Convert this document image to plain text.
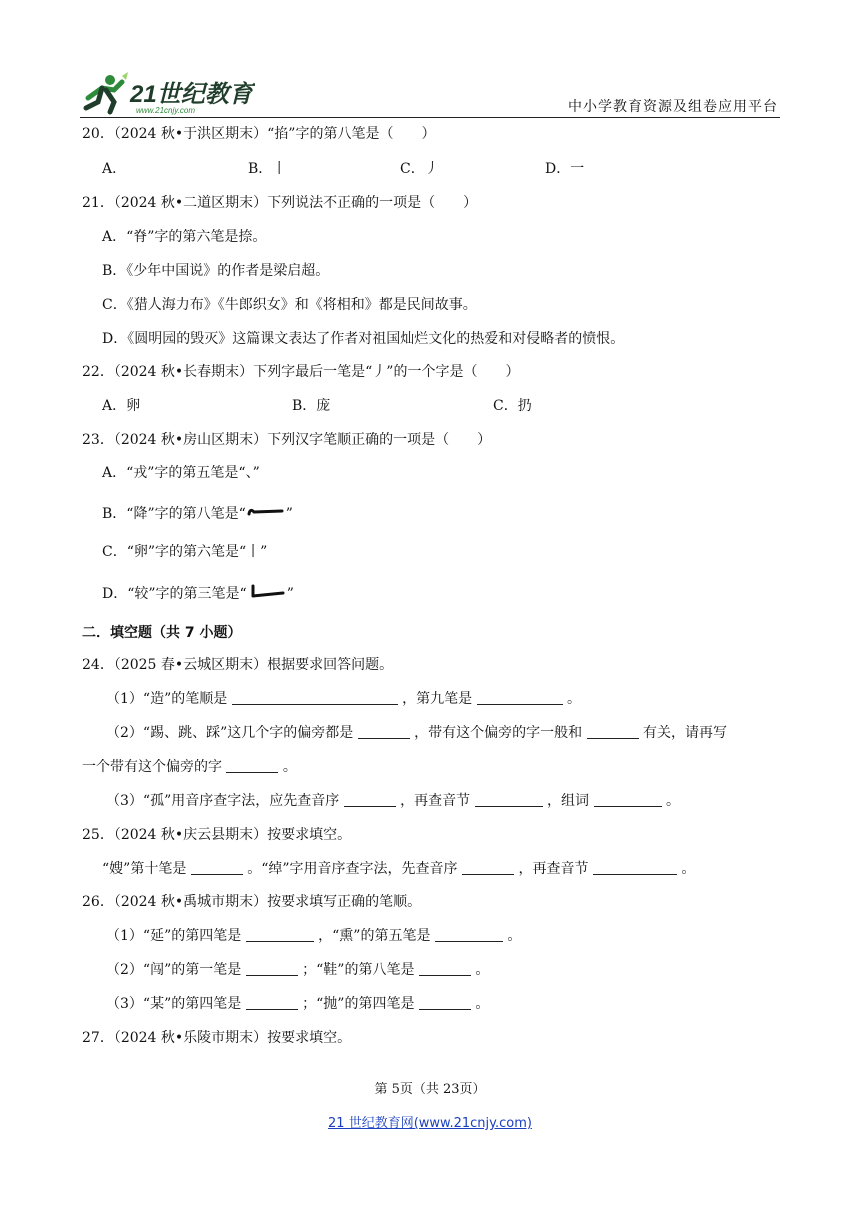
21世纪教育
www.21cnjy.com	中小学教育资源及组卷应用平台
20．（2024 秋•于洪区期末）“掐”字的第八笔是（　　）
A．	B．丨	C．丿	D．一
21．（2024 秋•二道区期末）下列说法不正确的一项是（　　）
A．“脊”字的第六笔是捺。
B．《少年中国说》的作者是梁启超。
C．《猎人海力布》《牛郎织女》和《将相和》都是民间故事。
D．《圆明园的毁灭》这篇课文表达了作者对祖国灿烂文化的热爱和对侵略者的愤恨。
22．（2024 秋•长春期末）下列字最后一笔是“丿”的一个字是（　　）
A．卵	B．庞	C．扔
23．（2024 秋•房山区期末）下列汉字笔顺正确的一项是（　　）
A．“戎”字的第五笔是“、”
B．“降”字的第八笔是“	”
C．“卵”字的第六笔是“丨”
D．“较”字的第三笔是“	”
二．填空题（共 7 小题）
24．（2025 春•云城区期末）根据要求回答问题。
（1）“造”的笔顺是	，第九笔是	。
（2）“踢、跳、踩”这几个字的偏旁都是	，带有这个偏旁的字一般和	有关，请再写
一个带有这个偏旁的字	。
（3）“孤”用音序查字法，应先查音序	，再查音节	，组词	。
25．（2024 秋•庆云县期末）按要求填空。
“嫂”第十笔是	。“绰”字用音序查字法，先查音序	，再查音节	。
26．（2024 秋•禹城市期末）按要求填写正确的笔顺。
（1）“延”的第四笔是	，“熏”的第五笔是	。
（2）“闯”的第一笔是	；“鞋”的第八笔是	。
（3）“某”的第四笔是	；“抛”的第四笔是	。
27．（2024 秋•乐陵市期末）按要求填空。
第 5页（共 23页）
21 世纪教育网(www.21cnjy.com)
